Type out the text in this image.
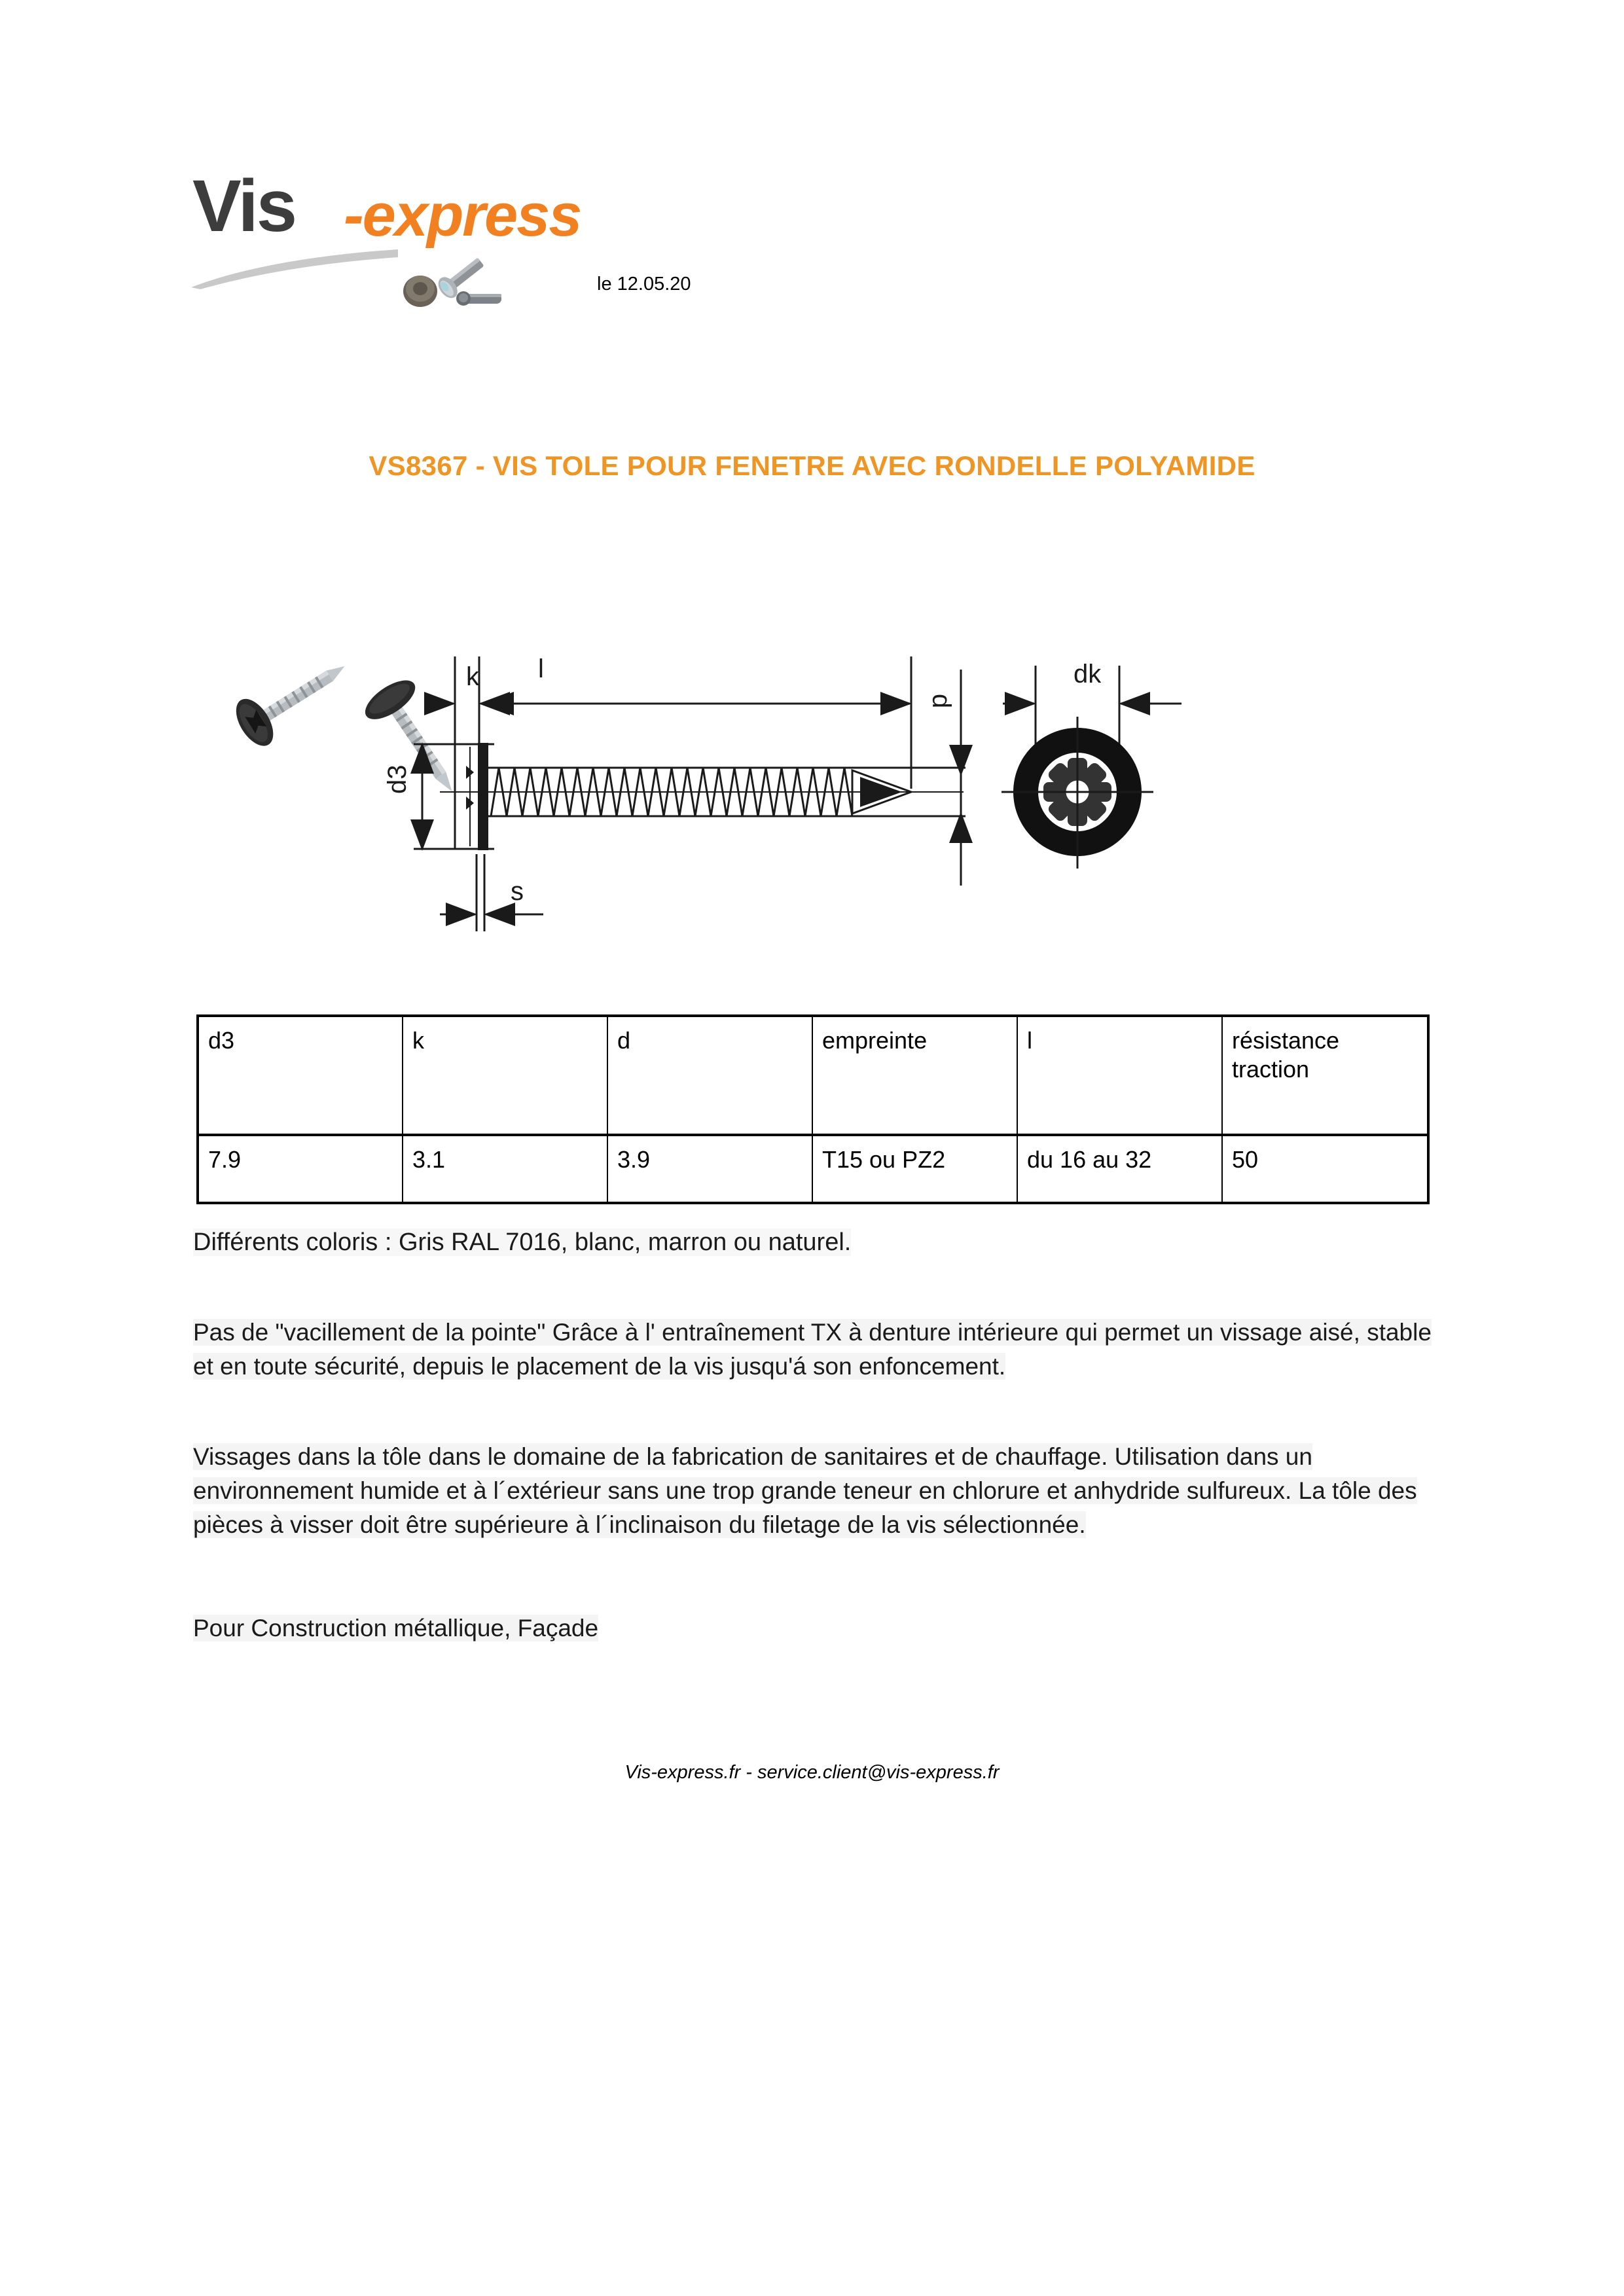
Vis -express
le 12.05.20
VS8367 - VIS TOLE POUR FENETRE AVEC RONDELLE POLYAMIDE
k l
d
dk
d3
s
d3	k	d	empreinte	l	résistance traction
7.9	3.1	3.9	T15 ou PZ2	du 16 au 32	50
Différents coloris : Gris RAL 7016, blanc, marron ou naturel.
Pas de "vacillement de la pointe" Grâce à l' entraînement TX à denture intérieure qui permet un vissage aisé, stable et en toute sécurité, depuis le placement de la vis jusqu'á son enfoncement.
Vissages dans la tôle dans le domaine de la fabrication de sanitaires et de chauffage. Utilisation dans un environnement humide et à l´extérieur sans une trop grande teneur en chlorure et anhydride sulfureux. La tôle des pièces à visser doit être supérieure à l´inclinaison du filetage de la vis sélectionnée.
Pour Construction métallique, Façade
Vis-express.fr - service.client@vis-express.fr
